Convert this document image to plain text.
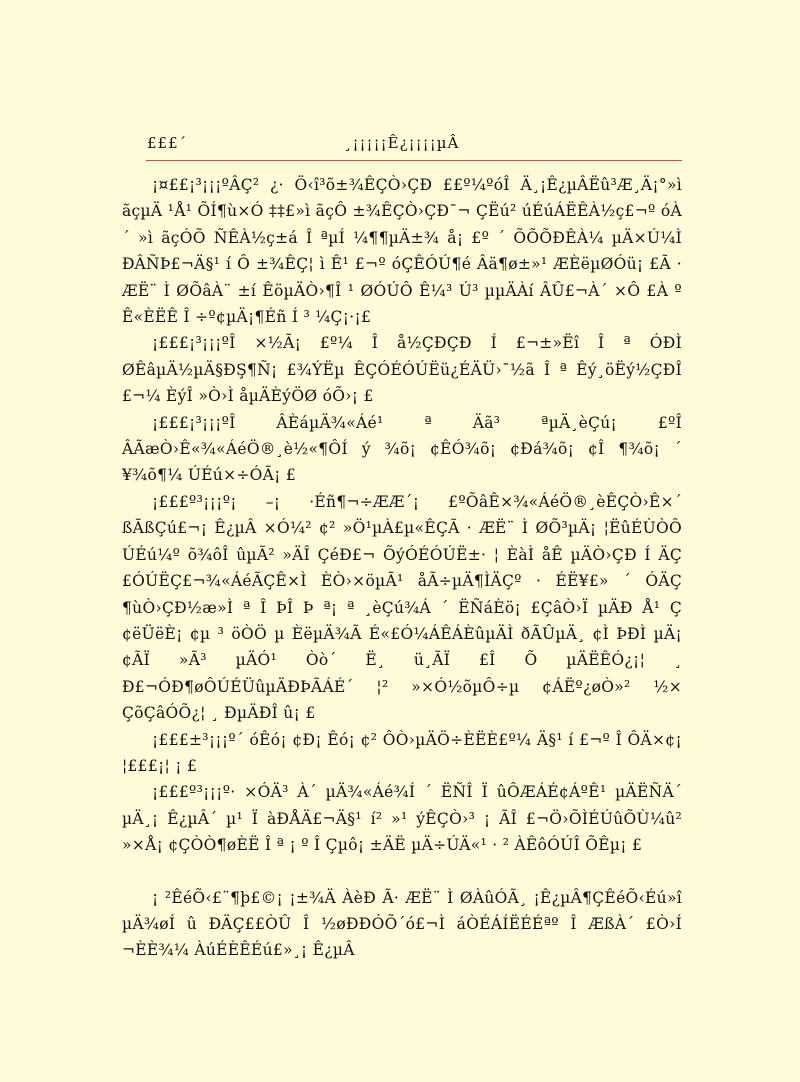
£££´	¸¡¡¡¡¡Ê¿¡¡¡¡µÂ

¡¤££¡³¡¡¡ºÂÇ² ¿· Ö‹î³õ±¾ÊÇÒ›ÇÐ ££º¼ºóÎ Ä¸¡Ê¿µÂËû³Æ¸Ä¡°»ì ãçµÄ ¹Å¹ ÕÍ¶ù×Ó ‡‡£»ì ãçÔ ±¾ÊÇÒ›ÇÐ¯¬ ÇËú² úÉúÁËÊÀ½ç£¬º óÀ´ »ì ãçÓÕ ÑÊÀ½ç±á Î ªµÍ ¼¶¶µÄ±¾ å¡ £º ´ ÕÕÕÐÊÀ¼ µÄ×Ú¼Ì ÐÂÑÞ£¬Ä§¹ í Ô ±¾ÊÇ¦ ì Ê¹ £¬º óÇÊÓÚ¶é Âä¶ø±»¹ ÆÈëµØÓü¡ £Ã · ÆË¨ Ì ØÕâÀ¨ ±í ÊöµÄÒ›¶Î ¹ ØÓÚÔ Ê¼³ Ú³ µµÄÀí ÂÛ£¬À´ ×Ô £À º Ê«ÈËÊ Î ÷º¢µÄ¡¶Éñ Í ³ ¼Ç¡·¡£

¡£££¡³¡¡¡ºÎ ×½Ã¡ £º¼ Î å½ÇÐÇÐ Í £¬±»Ëî Î ª ÓÐÌ ØÊâµÄ½µÄ§ÐŞ¶Ñ¡ £¾ÝËµ ÊÇÓÉÓÚËü¿ÉÄÜ›¯½ã Î ª Êý¸öËý½ÇÐÎ £¬¼ ÈýÎ »Ò›Ì åµÄÈýÖØ óÕ›¡ £

¡£££¡³¡¡¡ºÎ ÂÈáµÄ¾«Áé¹ ª Äã³ ªµÄ¸èÇú¡ £ºÎ ÂÃæÒ›Ê«¾«ÁéÖ®¸è½«¶ÔÍ ý ¾õ¡ ¢ÊÓ¾õ¡ ¢Ðá¾õ¡ ¢Î ¶¾õ¡ ´ ¥¾õ¶¼ ÚÉú×÷ÓÃ¡ £

¡£££º³¡¡¡º¡ –¡ ·Éñ¶¬÷ÆÆ´¡ £ºÕâÊ×¾«ÁéÖ®¸èÊÇÒ›Ê×´ ßÃßÇú£¬¡ Ê¿µÂ ×Ó¼² ¢² »Ö¹µÀ£µ«ÊÇÃ · ÆË¨ Ì ØÕ³µÄ¡ ¦ËûÉÙÒÔ ÚÉú¼º õ¾ôÎ ûµÃ² »ÄÎ ÇéÐ£¬ ÕýÓÉÓÚË±· ¦ ÈàÌ åÊ µÄÒ›ÇÐ Í ÄÇ £ÓÚËÇ£¬¾«ÁéÃÇÊ×Ì ÈÒ›×öµÃ¹ åÃ÷µÄ¶ÌÄÇº · ÉË¥£» ´ ÓÄÇ ¶ùÒ›ÇÐ½æ»Ì ª Î ÞÎ Þ ª¡ ª ¸èÇú¾Á ´ ËÑáÈö¡ £ÇâÒ›Ï µÄÐ Å¹ Ç ¢ëÜëÈ¡ ¢µ ³ öÒÖ µ ÈëµÄ¾Ã É«£Ó¼ÁÊÁÈûµÄÌ ðÃÛµÄ¸ ¢Ì ÞÐÌ µÄ¡ ¢ÃÏ »Ã³ µÄÓ¹ Òò´ Ë¸ ü¸ÃÏ £Î Õ µÄËÊÓ¿¡¦ ¸ Ð£¬ÓÐ¶øÔÚÉÜûµÄÐÞÃÁÉ´ ¦² »×Ó½õµÔ÷µ ¢ÁËº¿øÒ»² ½× ÇõÇâÓÕ¿¦ ¸ ÐµÄÐÎ û¡ £

¡£££±³¡¡¡º´ óÊó¡ ¢Ð¡ Êó¡ ¢² ÔÒ›µÄÖ÷ÈËÈ£º¼ Ä§¹ í £¬º Î ÔÄ×¢¡ ¦£££¡¦ ¡ £

¡£££º³¡¡¡º· ×ÓÄ³ À´ µÄ¾«Áé¾Í ´ ËÑÎ Ï ûÔÆÁÉ¢ÁºÊ¹ µÄËÑÄ´ µÄ¸¡ Ê¿µÂ´ µ¹ Ï àÐÅÄ£¬Ä§¹ í² »¹ ýÊÇÒ›³ ¡ ÃÎ £¬Ö›ÕÌÉÚûÕÙ¼û² »×Å¡ ¢ÇÒÒ¶øÈË Î ª ¡ º Î Çµô¡ ±ÄË µÄ÷ÚÄ«¹ · ² ÀÊôÓÚÎ ÕÊµ¡ £

¡ ²ÊéÕ‹£¨¶þ£©¡ ¡±¾Ä ÀèÐ Ã· ÆË¨ Ì ØÀûÓÃ¸ ¡Ê¿µÂ¶ÇÊéÕ‹Éú»î µÄ¾øÍ û ÐÄÇ££ÒÛ Î ½øÐÐÓÕ´ó£¬Ì áÒÉÁÍËÉÉªº Î ÆßÀ´ £Ò›Í ¬ÈÈ¾¼ ÀúÉÈÊÉú£»¸¡ Ê¿µÂ
